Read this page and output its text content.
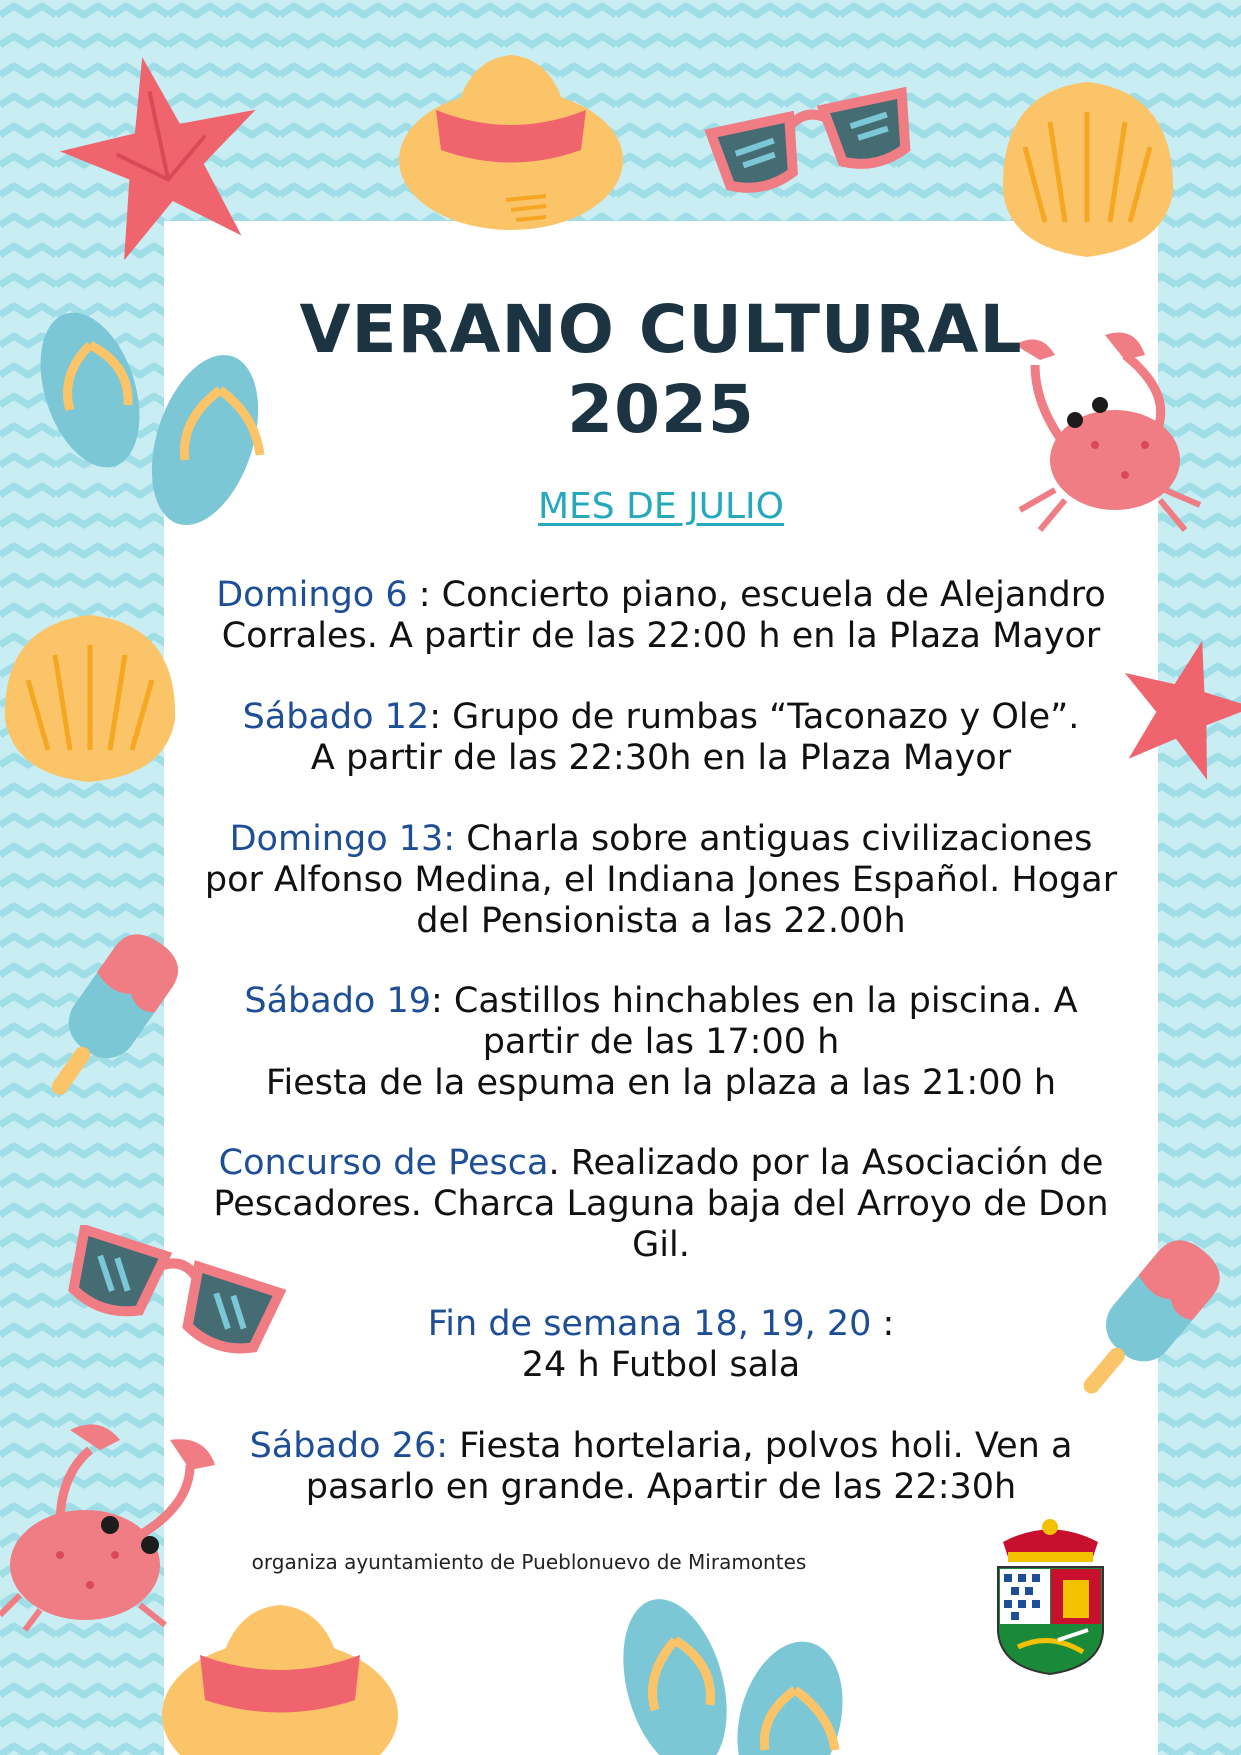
VERANO CULTURAL
2025
MES DE JULIO
Domingo 6 : Concierto piano, escuela de Alejandro
Corrales. A partir de las 22:00 h en la Plaza Mayor
Sábado 12: Grupo de rumbas “Taconazo y Ole”.
A partir de las 22:30h en la Plaza Mayor
Domingo 13: Charla sobre antiguas civilizaciones
por Alfonso Medina, el Indiana Jones Español. Hogar
del Pensionista a las 22.00h
Sábado 19: Castillos hinchables en la piscina. A
partir de las 17:00 h
Fiesta de la espuma en la plaza a las 21:00 h
Concurso de Pesca. Realizado por la Asociación de
Pescadores. Charca Laguna baja del Arroyo de Don
Gil.
Fin de semana 18, 19, 20 :
24 h Futbol sala
Sábado 26: Fiesta hortelaria, polvos holi. Ven a
pasarlo en grande. Apartir de las 22:30h
organiza ayuntamiento de Pueblonuevo de Miramontes
